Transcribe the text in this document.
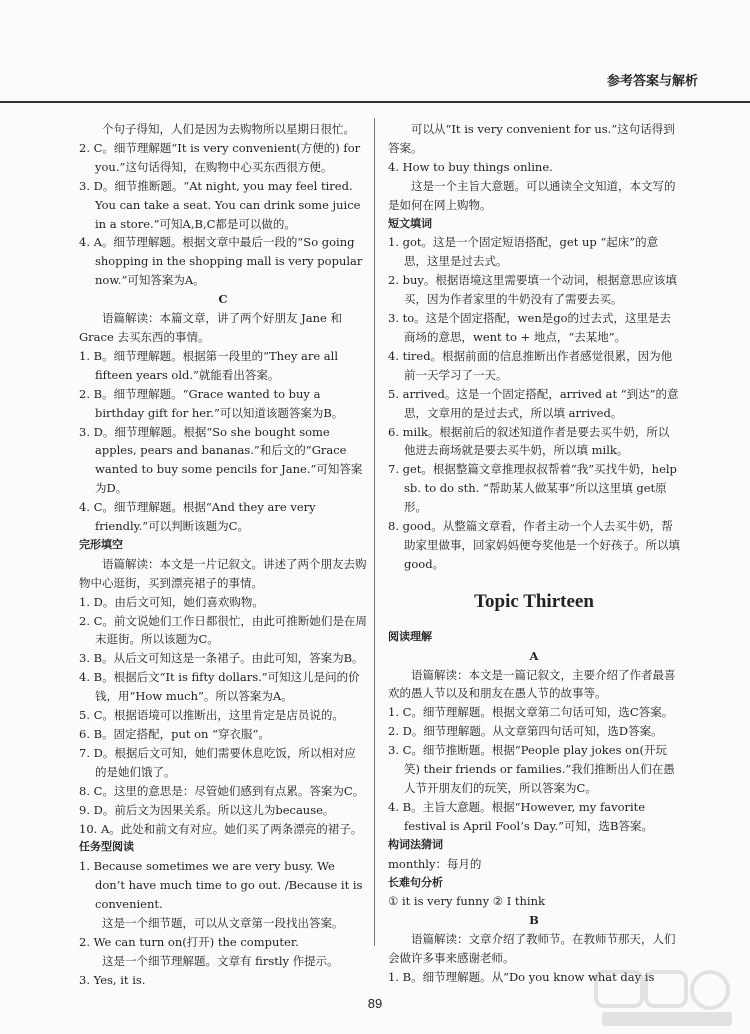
参考答案与解析

个句子得知，人们是因为去购物所以星期日很忙。

2. C。细节理解题“It is very convenient(方便的) for you.”这句话得知，在购物中心买东西很方便。

3. D。细节推断题。“At night, you may feel tired. You can take a seat. You can drink some juice in a store.”可知A,B,C都是可以做的。

4. A。细节理解题。根据文章中最后一段的“So going shopping in the shopping mall is very popular now.”可知答案为A。

C

语篇解读：本篇文章，讲了两个好朋友 Jane 和 Grace 去买东西的事情。

1. B。细节理解题。根据第一段里的“They are all fifteen years old.”就能看出答案。

2. B。细节理解题。“Grace wanted to buy a birthday gift for her.”可以知道该题答案为B。

3. D。细节理解题。根据“So she bought some apples, pears and bananas.”和后文的“Grace wanted to buy some pencils for Jane.”可知答案为D。

4. C。细节理解题。根据“And they are very friendly.”可以判断该题为C。

完形填空

语篇解读：本文是一片记叙文。讲述了两个朋友去购物中心逛街，买到漂亮裙子的事情。

1. D。由后文可知，她们喜欢购物。

2. C。前文说她们工作日都很忙，由此可推断她们是在周末逛街。所以该题为C。

3. B。从后文可知这是一条裙子。由此可知，答案为B。

4. B。根据后文“It is fifty dollars.”可知这儿是问的价钱，用“How much”。所以答案为A。

5. C。根据语境可以推断出，这里肯定是店员说的。

6. B。固定搭配，put on “穿衣服”。

7. D。根据后文可知，她们需要休息吃饭，所以相对应的是她们饿了。

8. C。这里的意思是：尽管她们感到有点累。答案为C。

9. D。前后文为因果关系。所以这儿为because。

10. A。此处和前文有对应。她们买了两条漂亮的裙子。

任务型阅读

1. Because sometimes we are very busy. We don’t have much time to go out. /Because it is convenient.

这是一个细节题，可以从文章第一段找出答案。

2. We can turn on(打开) the computer.

这是一个细节理解题。文章有 firstly 作提示。

3. Yes, it is.

可以从“It is very convenient for us.”这句话得到答案。

4. How to buy things online.

这是一个主旨大意题。可以通读全文知道，本文写的是如何在网上购物。

短文填词

1. got。这是一个固定短语搭配，get up “起床”的意思，这里是过去式。

2. buy。根据语境这里需要填一个动词，根据意思应该填买，因为作者家里的牛奶没有了需要去买。

3. to。这是个固定搭配，wen是go的过去式，这里是去商场的意思，went to + 地点，“去某地”。

4. tired。根据前面的信息推断出作者感觉很累，因为他前一天学习了一天。

5. arrived。这是一个固定搭配，arrived at “到达”的意思，文章用的是过去式，所以填 arrived。

6. milk。根据前后的叙述知道作者是要去买牛奶，所以他进去商场就是要去买牛奶，所以填 milk。

7. get。根据整篇文章推理叔叔帮着“我”买找牛奶，help sb. to do sth. “帮助某人做某事”所以这里填 get原形。

8. good。从整篇文章看，作者主动一个人去买牛奶，帮助家里做事，回家妈妈便夸奖他是一个好孩子。所以填 good。

Topic Thirteen

阅读理解

A

语篇解读：本文是一篇记叙文，主要介绍了作者最喜欢的愚人节以及和朋友在愚人节的故事等。

1. C。细节理解题。根据文章第二句话可知，选C答案。

2. D。细节理解题。从文章第四句话可知，选D答案。

3. C。细节推断题。根据“People play jokes on(开玩笑) their friends or families.”我们推断出人们在愚人节开朋友们的玩笑，所以答案为C。

4. B。主旨大意题。根据“However, my favorite festival is April Fool’s Day.”可知，选B答案。

构词法猜词

monthly：每月的

长难句分析

① it is very funny ② I think

B

语篇解读：文章介绍了教师节。在教师节那天，人们会做许多事来感谢老师。

1. B。细节理解题。从“Do you know what day is

89
